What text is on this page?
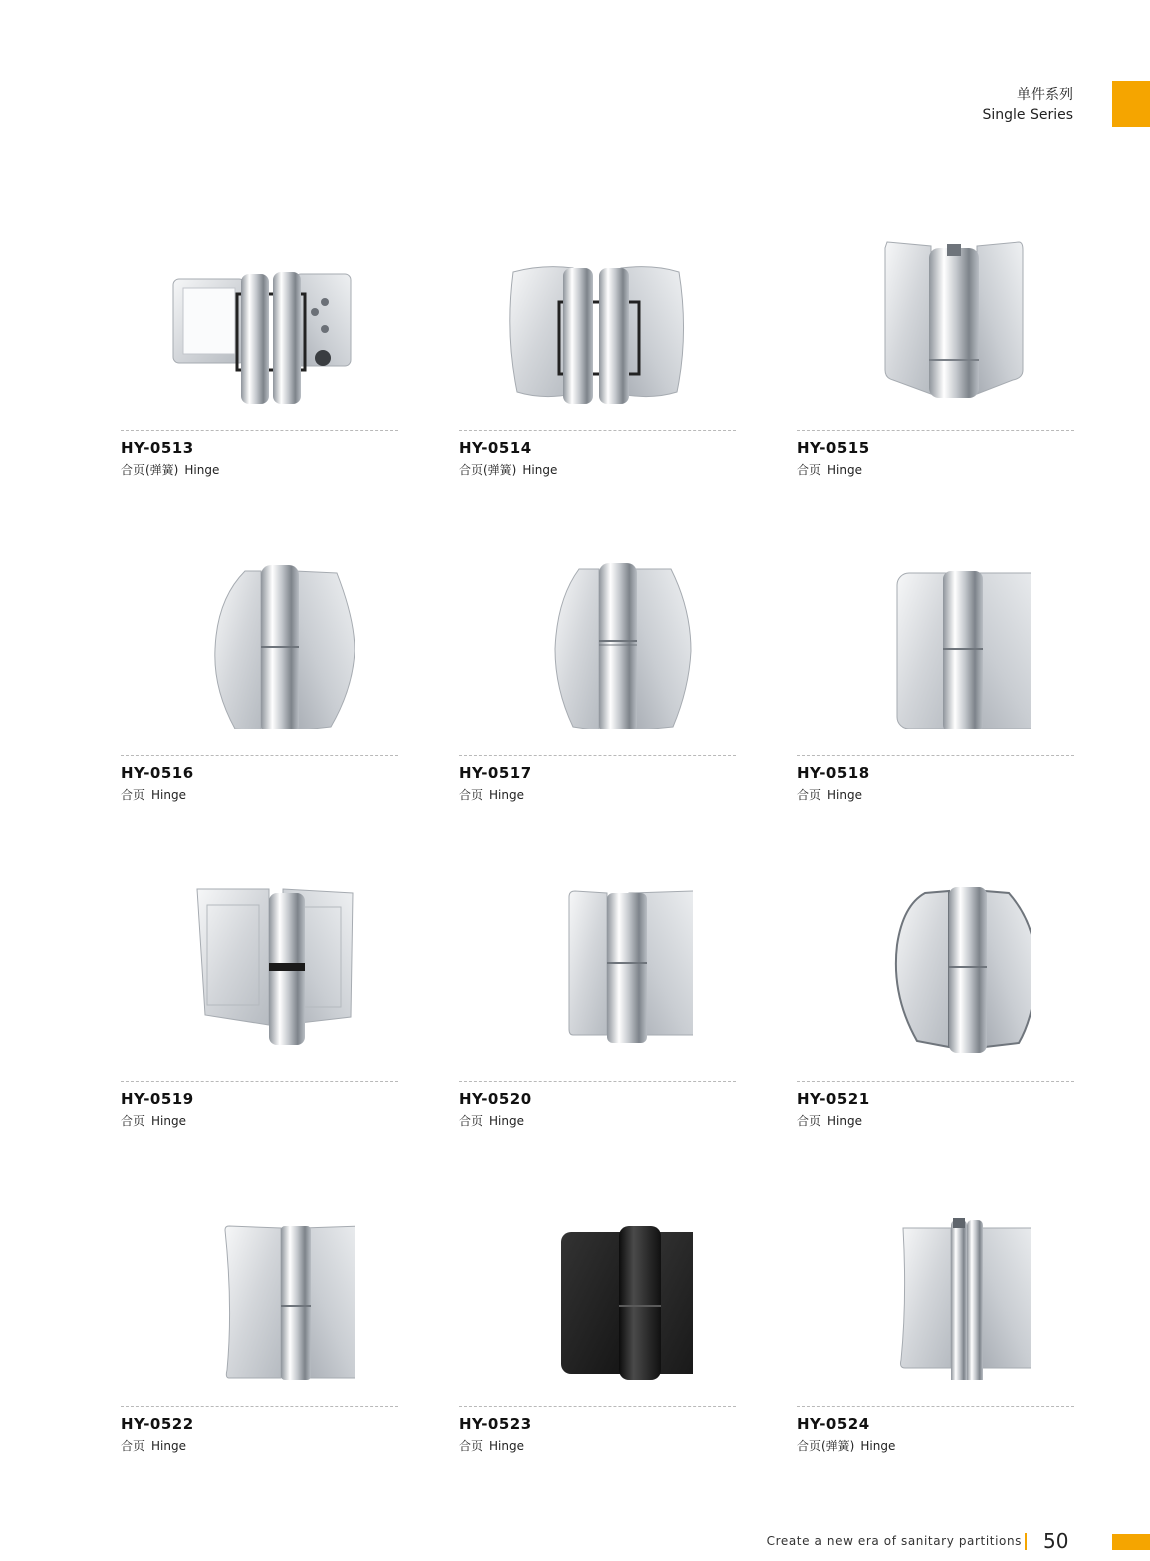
单件系列
Single Series
HY-0513
合页(弹簧) Hinge
HY-0514
合页(弹簧) Hinge
HY-0515
合页 Hinge
HY-0516
合页 Hinge
HY-0517
合页 Hinge
HY-0518
合页 Hinge
HY-0519
合页 Hinge
HY-0520
合页 Hinge
HY-0521
合页 Hinge
HY-0522
合页 Hinge
HY-0523
合页 Hinge
HY-0524
合页(弹簧) Hinge
Create a new era of sanitary partitions 50
